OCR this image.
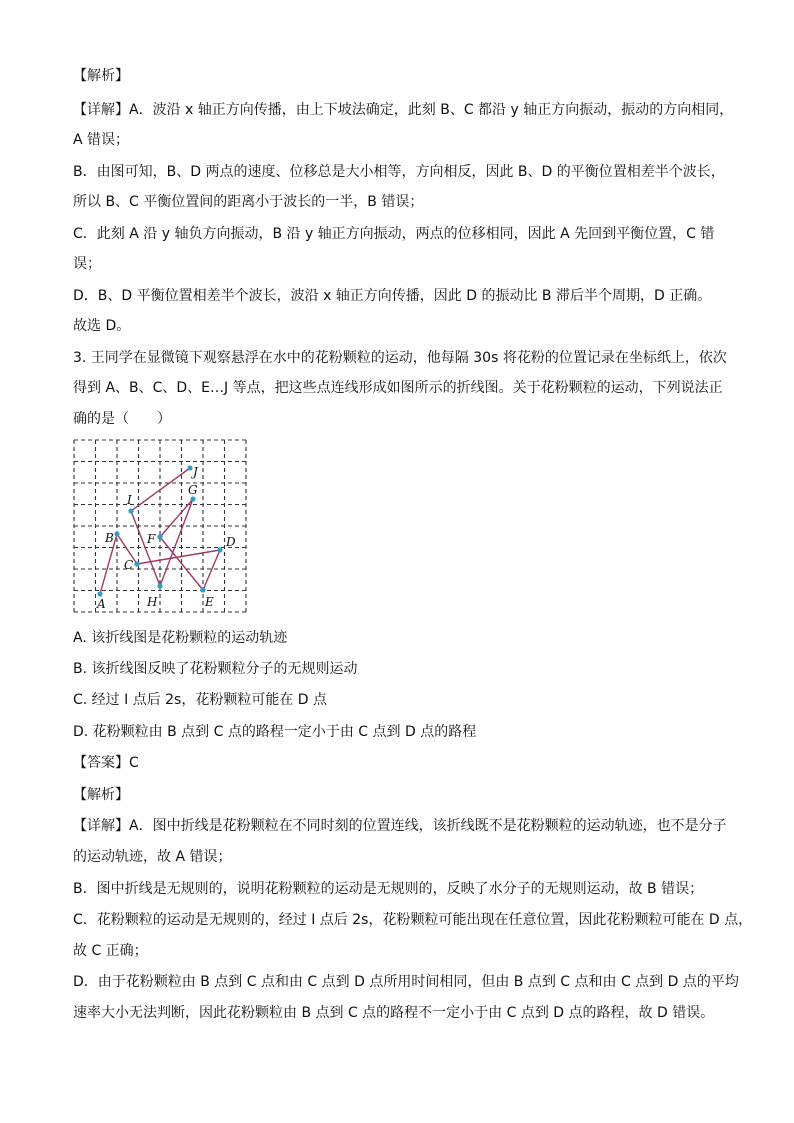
【解析】
【详解】A．波沿 x 轴正方向传播，由上下坡法确定，此刻 B、C 都沿 y 轴正方向振动，振动的方向相同，
A 错误；
B．由图可知，B、D 两点的速度、位移总是大小相等，方向相反，因此 B、D 的平衡位置相差半个波长，
所以 B、C 平衡位置间的距离小于波长的一半，B 错误；
C．此刻 A 沿 y 轴负方向振动，B 沿 y 轴正方向振动，两点的位移相同，因此 A 先回到平衡位置，C 错
误；
D．B、D 平衡位置相差半个波长，波沿 x 轴正方向传播，因此 D 的振动比 B 滞后半个周期，D 正确。
故选 D。
3. 王同学在显微镜下观察悬浮在水中的花粉颗粒的运动，他每隔 30s 将花粉的位置记录在坐标纸上，依次
得到 A、B、C、D、E…J 等点，把这些点连线形成如图所示的折线图。关于花粉颗粒的运动，下列说法正
确的是（　　）
A
B
C
D
E
F
G
H
I
J
A. 该折线图是花粉颗粒的运动轨迹
B. 该折线图反映了花粉颗粒分子的无规则运动
C. 经过 I 点后 2s，花粉颗粒可能在 D 点
D. 花粉颗粒由 B 点到 C 点的路程一定小于由 C 点到 D 点的路程
【答案】C
【解析】
【详解】A．图中折线是花粉颗粒在不同时刻的位置连线，该折线既不是花粉颗粒的运动轨迹，也不是分子
的运动轨迹，故 A 错误；
B．图中折线是无规则的，说明花粉颗粒的运动是无规则的，反映了水分子的无规则运动，故 B 错误；
C．花粉颗粒的运动是无规则的，经过 I 点后 2s，花粉颗粒可能出现在任意位置，因此花粉颗粒可能在 D 点，
故 C 正确；
D．由于花粉颗粒由 B 点到 C 点和由 C 点到 D 点所用时间相同，但由 B 点到 C 点和由 C 点到 D 点的平均
速率大小无法判断，因此花粉颗粒由 B 点到 C 点的路程不一定小于由 C 点到 D 点的路程，故 D 错误。
